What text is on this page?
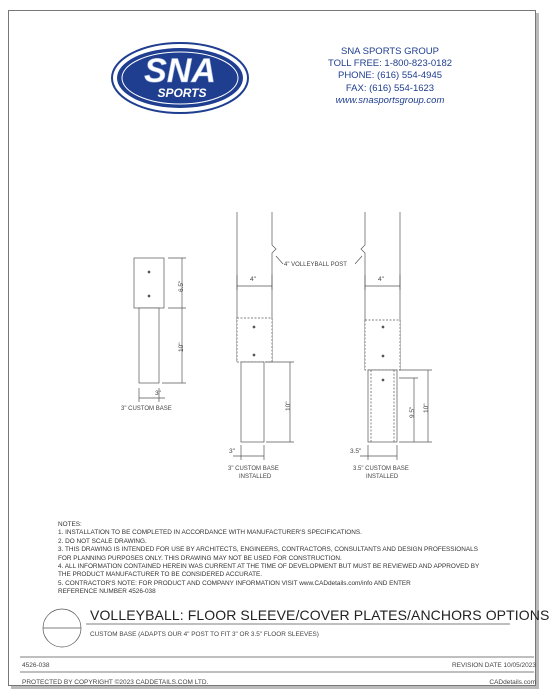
SNA
SPORTS
SNA SPORTS GROUP
TOLL FREE: 1-800-823-0182
PHONE: (616) 554-4945
FAX: (616) 554-1623
www.snasportsgroup.com
4" VOLLEYBALL POST
6.5"
10"
3"
3" CUSTOM BASE
4"
10"
3"
3" CUSTOM BASE
INSTALLED
4"
9.5" 10"
3.5"
3.5" CUSTOM BASE
INSTALLED
NOTES:
1. INSTALLATION TO BE COMPLETED IN ACCORDANCE WITH MANUFACTURER'S SPECIFICATIONS.
2. DO NOT SCALE DRAWING.
3. THIS DRAWING IS INTENDED FOR USE BY ARCHITECTS, ENGINEERS, CONTRACTORS, CONSULTANTS AND DESIGN PROFESSIONALS
FOR PLANNING PURPOSES ONLY. THIS DRAWING MAY NOT BE USED FOR CONSTRUCTION.
4. ALL INFORMATION CONTAINED HEREIN WAS CURRENT AT THE TIME OF DEVELOPMENT BUT MUST BE REVIEWED AND APPROVED BY
THE PRODUCT MANUFACTURER TO BE CONSIDERED ACCURATE.
5. CONTRACTOR'S NOTE: FOR PRODUCT AND COMPANY INFORMATION VISIT www.CADdetails.com/info AND ENTER
REFERENCE NUMBER 4526-038
VOLLEYBALL: FLOOR SLEEVE/COVER PLATES/ANCHORS OPTIONS
CUSTOM BASE (ADAPTS OUR 4" POST TO FIT 3" OR 3.5" FLOOR SLEEVES)
4526-038	REVISION DATE 10/05/2023
PROTECTED BY COPYRIGHT ©2023 CADDETAILS.COM LTD.	CADdetails.com
